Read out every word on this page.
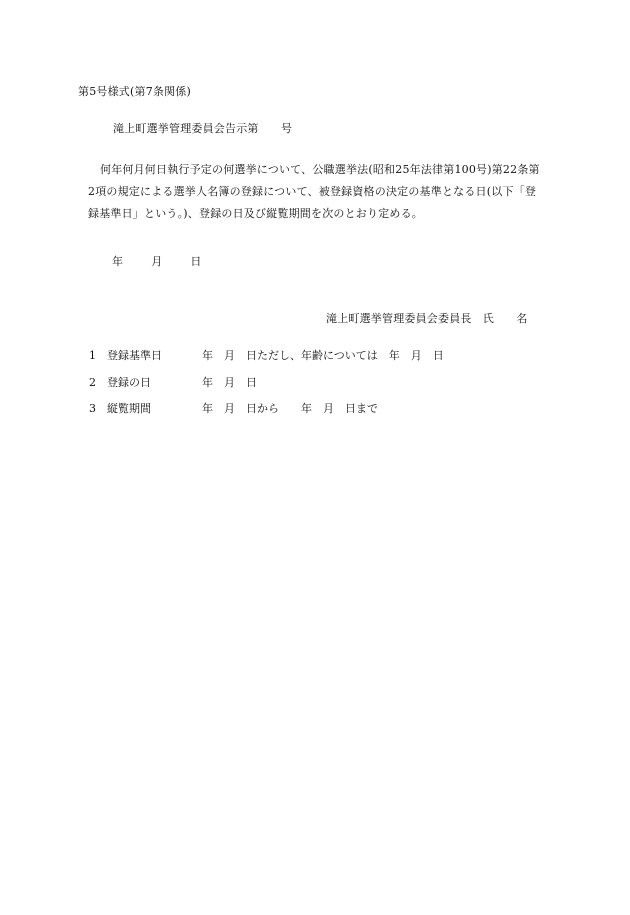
第5号様式(第7条関係)
滝上町選挙管理委員会告示第　　号
何年何月何日執行予定の何選挙について、公職選挙法(昭和25年法律第100号)第22条第
2項の規定による選挙人名簿の登録について、被登録資格の決定の基準となる日(以下「登
録基準日」という。)、登録の日及び縦覧期間を次のとおり定める。
年	月	日
滝上町選挙管理委員会委員長　氏　　名
1 登録基準日	年　月　日ただし、年齢については　年　月　日
2 登録の日	年　月　日
3 縦覧期間	年　月　日から　　年　月　日まで
